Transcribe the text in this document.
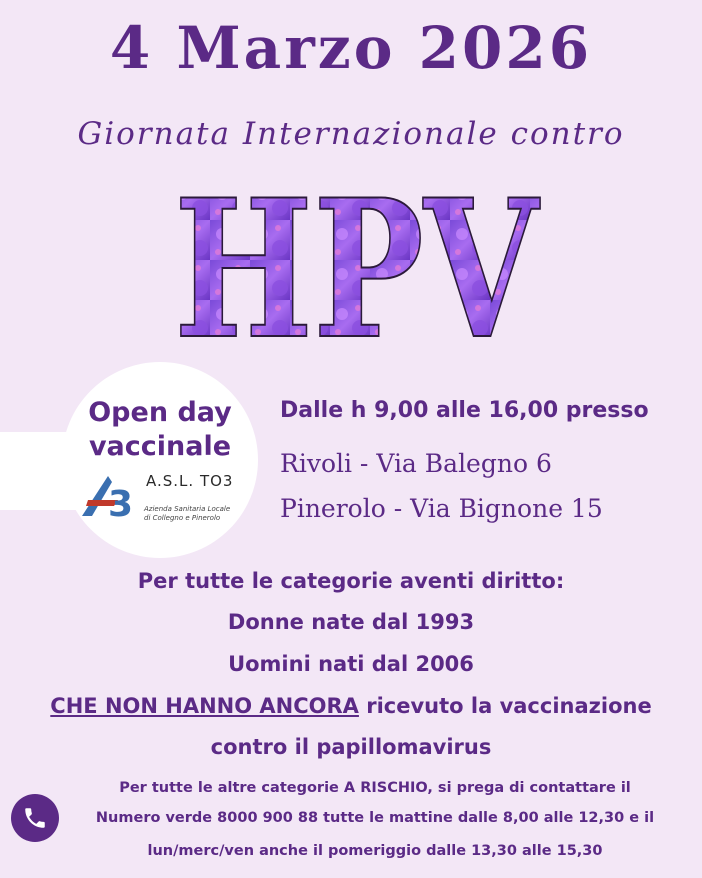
4 Marzo 2026
Giornata Internazionale contro
HPV
Open day
vaccinale
3
A.S.L. TO3
Azienda Sanitaria Locale
di Collegno e Pinerolo
Dalle h 9,00 alle 16,00 presso
Rivoli - Via Balegno 6
Pinerolo - Via Bignone 15
Per tutte le categorie aventi diritto:
Donne nate dal 1993
Uomini nati dal 2006
CHE NON HANNO ANCORA ricevuto la vaccinazione
contro il papillomavirus
Per tutte le altre categorie A RISCHIO, si prega di contattare il
Numero verde 8000 900 88 tutte le mattine dalle 8,00 alle 12,30 e il
lun/merc/ven anche il pomeriggio dalle 13,30 alle 15,30
